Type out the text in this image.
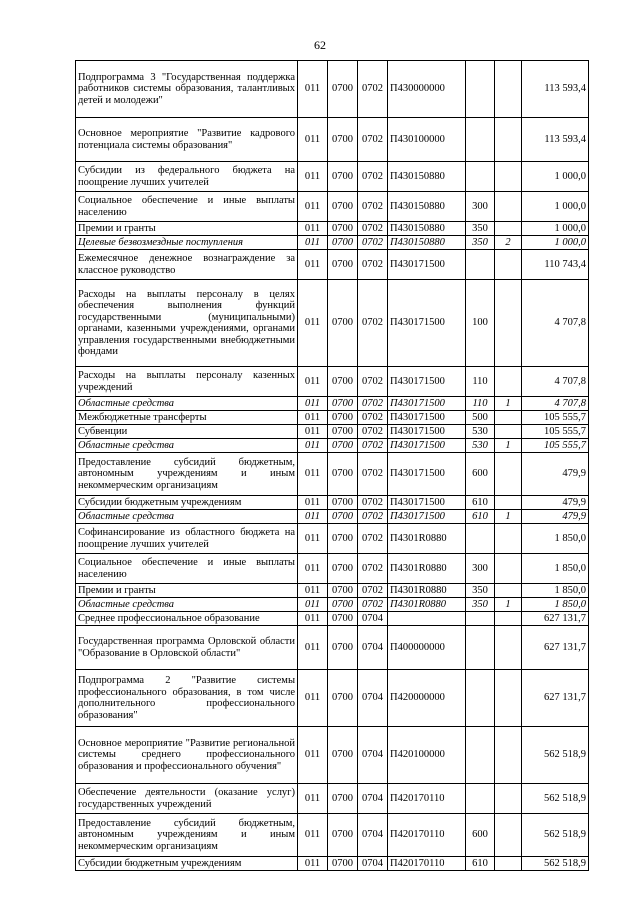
62
Подпрограмма 3 "Государственная поддержка работников системы образования, талантливых детей и молодежи"	011	0700	0702	П430000000			113 593,4
Основное мероприятие "Развитие кадрового потенциала системы образования"	011	0700	0702	П430100000			113 593,4
Субсидии из федерального бюджета на поощрение лучших учителей	011	0700	0702	П430150880			1 000,0
Социальное обеспечение и иные выплаты населению	011	0700	0702	П430150880	300		1 000,0
Премии и гранты	011	0700	0702	П430150880	350		1 000,0
Целевые безвозмездные поступления	011	0700	0702	П430150880	350	2	1 000,0
Ежемесячное денежное вознаграждение за классное руководство	011	0700	0702	П430171500			110 743,4
Расходы на выплаты персоналу в целях обеспечения выполнения функций государственными (муниципальными) органами, казенными учреждениями, органами управления государственными внебюджетными фондами	011	0700	0702	П430171500	100		4 707,8
Расходы на выплаты персоналу казенных учреждений	011	0700	0702	П430171500	110		4 707,8
Областные средства	011	0700	0702	П430171500	110	1	4 707,8
Межбюджетные трансферты	011	0700	0702	П430171500	500		105 555,7
Субвенции	011	0700	0702	П430171500	530		105 555,7
Областные средства	011	0700	0702	П430171500	530	1	105 555,7
Предоставление субсидий бюджетным, автономным учреждениям и иным некоммерческим организациям	011	0700	0702	П430171500	600		479,9
Субсидии бюджетным учреждениям	011	0700	0702	П430171500	610		479,9
Областные средства	011	0700	0702	П430171500	610	1	479,9
Софинансирование из областного бюджета на поощрение лучших учителей	011	0700	0702	П4301R0880			1 850,0
Социальное обеспечение и иные выплаты населению	011	0700	0702	П4301R0880	300		1 850,0
Премии и гранты	011	0700	0702	П4301R0880	350		1 850,0
Областные средства	011	0700	0702	П4301R0880	350	1	1 850,0
Среднее профессиональное образование	011	0700	0704				627 131,7
Государственная программа Орловской области "Образование в Орловской области"	011	0700	0704	П400000000			627 131,7
Подпрограмма 2 "Развитие системы профессионального образования, в том числе дополнительного профессионального образования"	011	0700	0704	П420000000			627 131,7
Основное мероприятие "Развитие региональной системы среднего профессионального образования и профессионального обучения"	011	0700	0704	П420100000			562 518,9
Обеспечение деятельности (оказание услуг) государственных учреждений	011	0700	0704	П420170110			562 518,9
Предоставление субсидий бюджетным, автономным учреждениям и иным некоммерческим организациям	011	0700	0704	П420170110	600		562 518,9
Субсидии бюджетным учреждениям	011	0700	0704	П420170110	610		562 518,9
